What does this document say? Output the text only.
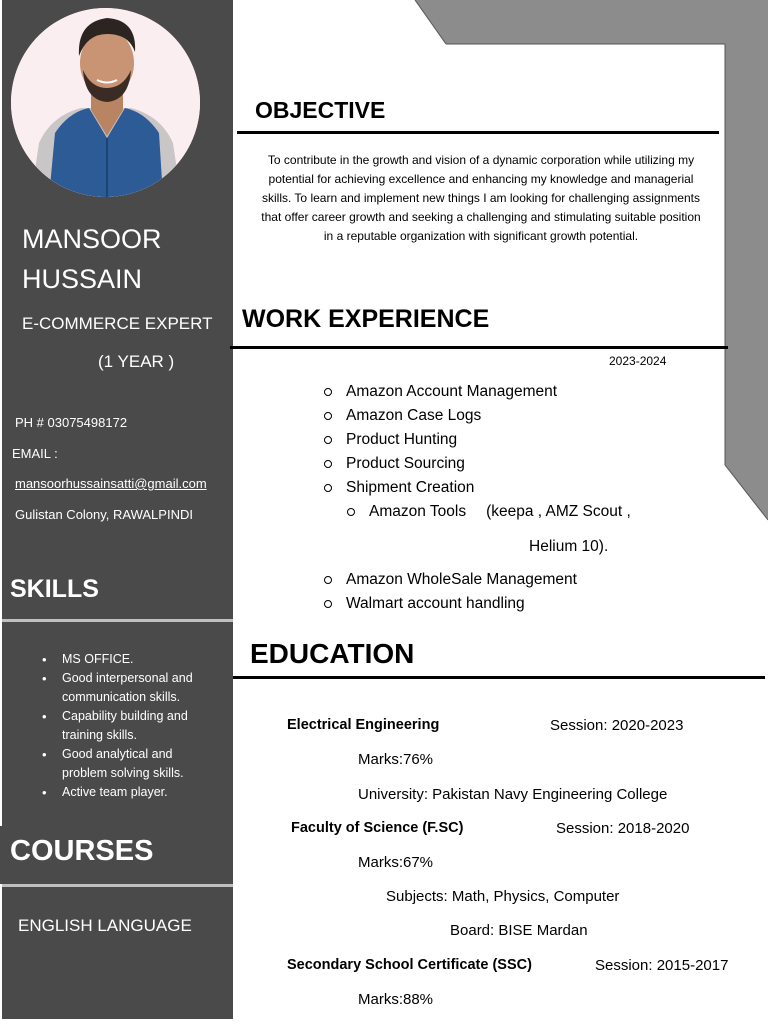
MANSOOR
HUSSAIN
E-COMMERCE EXPERT
(1 YEAR )
PH # 03075498172
EMAIL :
mansoorhussainsatti@gmail.com
Gulistan Colony, RAWALPINDI
SKILLS
• MS OFFICE.
• Good interpersonal and
communication skills.
• Capability building and
training skills.
• Good analytical and
problem solving skills.
• Active team player.
COURSES
ENGLISH LANGUAGE
OBJECTIVE
To contribute in the growth and vision of a dynamic corporation while utilizing my
potential for achieving excellence and enhancing my knowledge and managerial
skills. To learn and implement new things I am looking for challenging assignments
that offer career growth and seeking a challenging and stimulating suitable position
in a reputable organization with significant growth potential.
WORK EXPERIENCE
2023-2024
Amazon Account Management
Amazon Case Logs
Product Hunting
Product Sourcing
Shipment Creation
Amazon Tools (keepa , AMZ Scout ,
Helium 10).
Amazon WholeSale Management
Walmart account handling
EDUCATION
Electrical Engineering	Session: 2020-2023
Marks:76%
University: Pakistan Navy Engineering College
Faculty of Science (F.SC)	Session: 2018-2020
Marks:67%
Subjects: Math, Physics, Computer
Board: BISE Mardan
Secondary School Certificate (SSC)	Session: 2015-2017
Marks:88%
